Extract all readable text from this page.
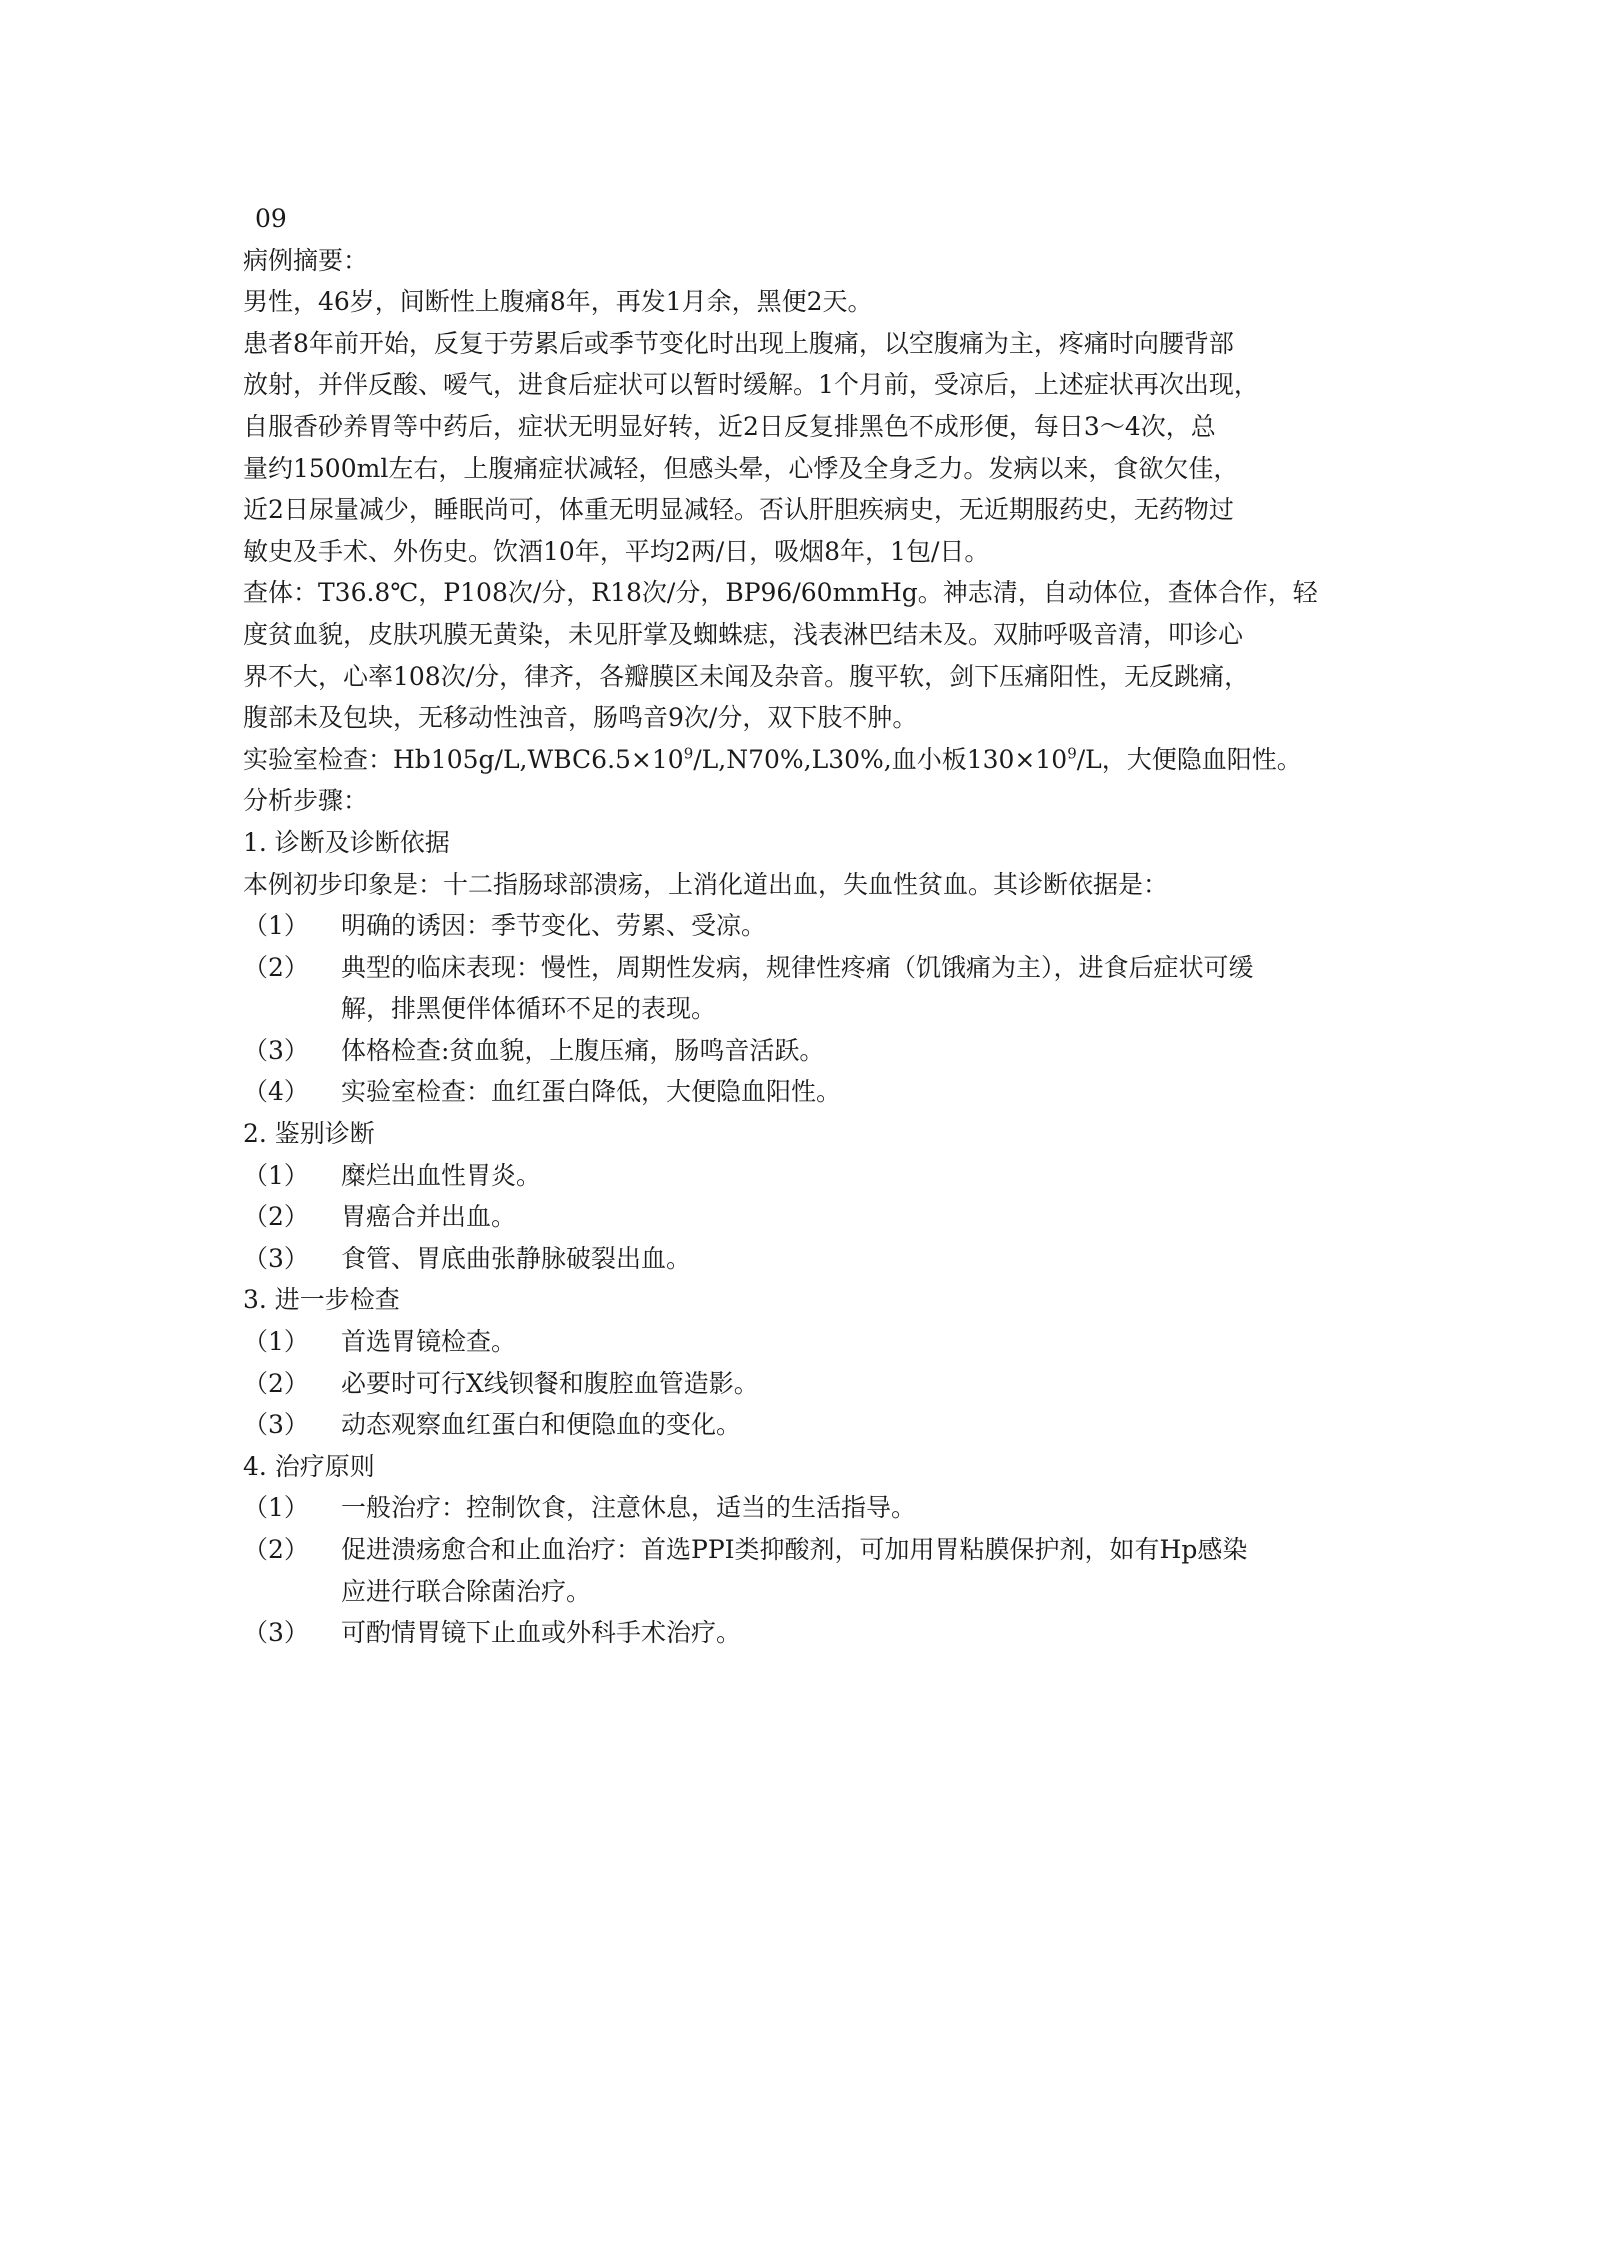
09
病例摘要：
男性，46岁，间断性上腹痛8年，再发1月余，黑便2天。
患者8年前开始，反复于劳累后或季节变化时出现上腹痛，以空腹痛为主，疼痛时向腰背部
放射，并伴反酸、嗳气，进食后症状可以暂时缓解。1个月前，受凉后，上述症状再次出现，
自服香砂养胃等中药后，症状无明显好转，近2日反复排黑色不成形便，每日3～4次，总
量约1500ml左右，上腹痛症状减轻，但感头晕，心悸及全身乏力。发病以来，食欲欠佳，
近2日尿量减少，睡眠尚可，体重无明显减轻。否认肝胆疾病史，无近期服药史，无药物过
敏史及手术、外伤史。饮酒10年，平均2两/日，吸烟8年，1包/日。
查体：T36.8℃，P108次/分，R18次/分，BP96/60mmHg。神志清，自动体位，查体合作，轻
度贫血貌，皮肤巩膜无黄染，未见肝掌及蜘蛛痣，浅表淋巴结未及。双肺呼吸音清，叩诊心
界不大，心率108次/分，律齐，各瓣膜区未闻及杂音。腹平软，剑下压痛阳性，无反跳痛，
腹部未及包块，无移动性浊音，肠鸣音9次/分，双下肢不肿。
实验室检查：$Hb105g/L,WBC6.5\times 10^9/L,N70\%,L30\%$,血小板$130\times 10^9/L$，大便隐血阳性。
分析步骤：
1. 诊断及诊断依据
本例初步印象是：十二指肠球部溃疡，上消化道出血，失血性贫血。其诊断依据是：
（1）	明确的诱因：季节变化、劳累、受凉。
（2）	典型的临床表现：慢性，周期性发病，规律性疼痛（饥饿痛为主），进食后症状可缓
解，排黑便伴体循环不足的表现。
（3）	体格检查:贫血貌，上腹压痛，肠鸣音活跃。
（4）	实验室检查：血红蛋白降低，大便隐血阳性。
2. 鉴别诊断
（1）	糜烂出血性胃炎。
（2）	胃癌合并出血。
（3）	食管、胃底曲张静脉破裂出血。
3. 进一步检查
（1）	首选胃镜检查。
（2）	必要时可行X线钡餐和腹腔血管造影。
（3）	动态观察血红蛋白和便隐血的变化。
4. 治疗原则
（1）	一般治疗：控制饮食，注意休息，适当的生活指导。
（2）	促进溃疡愈合和止血治疗：首选PPI类抑酸剂，可加用胃粘膜保护剂，如有Hp感染
应进行联合除菌治疗。
（3）	可酌情胃镜下止血或外科手术治疗。
